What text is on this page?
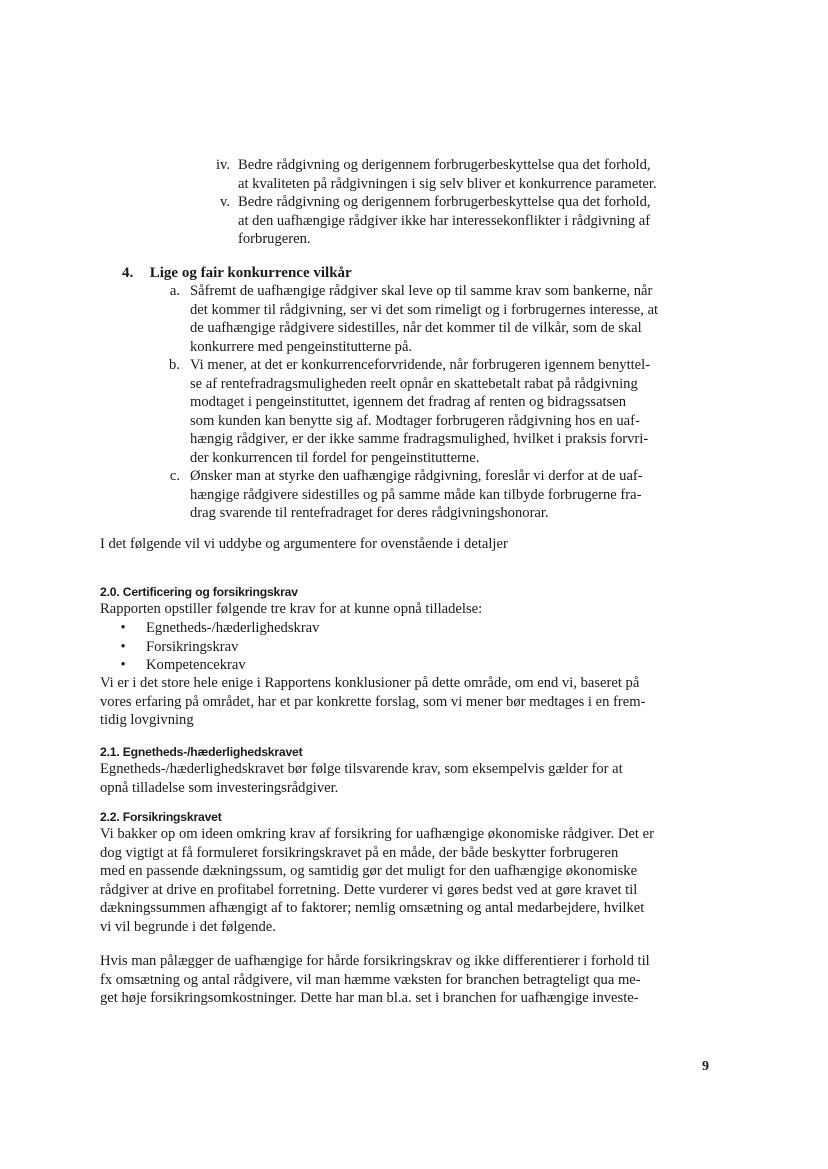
iv. Bedre rådgivning og derigennem forbrugerbeskyttelse qua det forhold,
at kvaliteten på rådgivningen i sig selv bliver et konkurrence parameter.
v. Bedre rådgivning og derigennem forbrugerbeskyttelse qua det forhold,
at den uafhængige rådgiver ikke har interessekonflikter i rådgivning af
forbrugeren.
4. Lige og fair konkurrence vilkår
a. Såfremt de uafhængige rådgiver skal leve op til samme krav som bankerne, når
det kommer til rådgivning, ser vi det som rimeligt og i forbrugernes interesse, at
de uafhængige rådgivere sidestilles, når det kommer til de vilkår, som de skal
konkurrere med pengeinstitutterne på.
b. Vi mener, at det er konkurrenceforvridende, når forbrugeren igennem benyttel-
se af rentefradragsmuligheden reelt opnår en skattebetalt rabat på rådgivning
modtaget i pengeinstituttet, igennem det fradrag af renten og bidragssatsen
som kunden kan benytte sig af. Modtager forbrugeren rådgivning hos en uaf-
hængig rådgiver, er der ikke samme fradragsmulighed, hvilket i praksis forvri-
der konkurrencen til fordel for pengeinstitutterne.
c. Ønsker man at styrke den uafhængige rådgivning, foreslår vi derfor at de uaf-
hængige rådgivere sidestilles og på samme måde kan tilbyde forbrugerne fra-
drag svarende til rentefradraget for deres rådgivningshonorar.
I det følgende vil vi uddybe og argumentere for ovenstående i detaljer
2.0. Certificering og forsikringskrav
Rapporten opstiller følgende tre krav for at kunne opnå tilladelse:
•	Egnetheds-/hæderlighedskrav
•	Forsikringskrav
•	Kompetencekrav
Vi er i det store hele enige i Rapportens konklusioner på dette område, om end vi, baseret på
vores erfaring på området, har et par konkrette forslag, som vi mener bør medtages i en frem-
tidig lovgivning
2.1. Egnetheds-/hæderlighedskravet
Egnetheds-/hæderlighedskravet bør følge tilsvarende krav, som eksempelvis gælder for at
opnå tilladelse som investeringsrådgiver.
2.2. Forsikringskravet
Vi bakker op om ideen omkring krav af forsikring for uafhængige økonomiske rådgiver. Det er
dog vigtigt at få formuleret forsikringskravet på en måde, der både beskytter forbrugeren
med en passende dækningssum, og samtidig gør det muligt for den uafhængige økonomiske
rådgiver at drive en profitabel forretning. Dette vurderer vi gøres bedst ved at gøre kravet til
dækningssummen afhængigt af to faktorer; nemlig omsætning og antal medarbejdere, hvilket
vi vil begrunde i det følgende.
Hvis man pålægger de uafhængige for hårde forsikringskrav og ikke differentierer i forhold til
fx omsætning og antal rådgivere, vil man hæmme væksten for branchen betragteligt qua me-
get høje forsikringsomkostninger. Dette har man bl.a. set i branchen for uafhængige investe-
9
